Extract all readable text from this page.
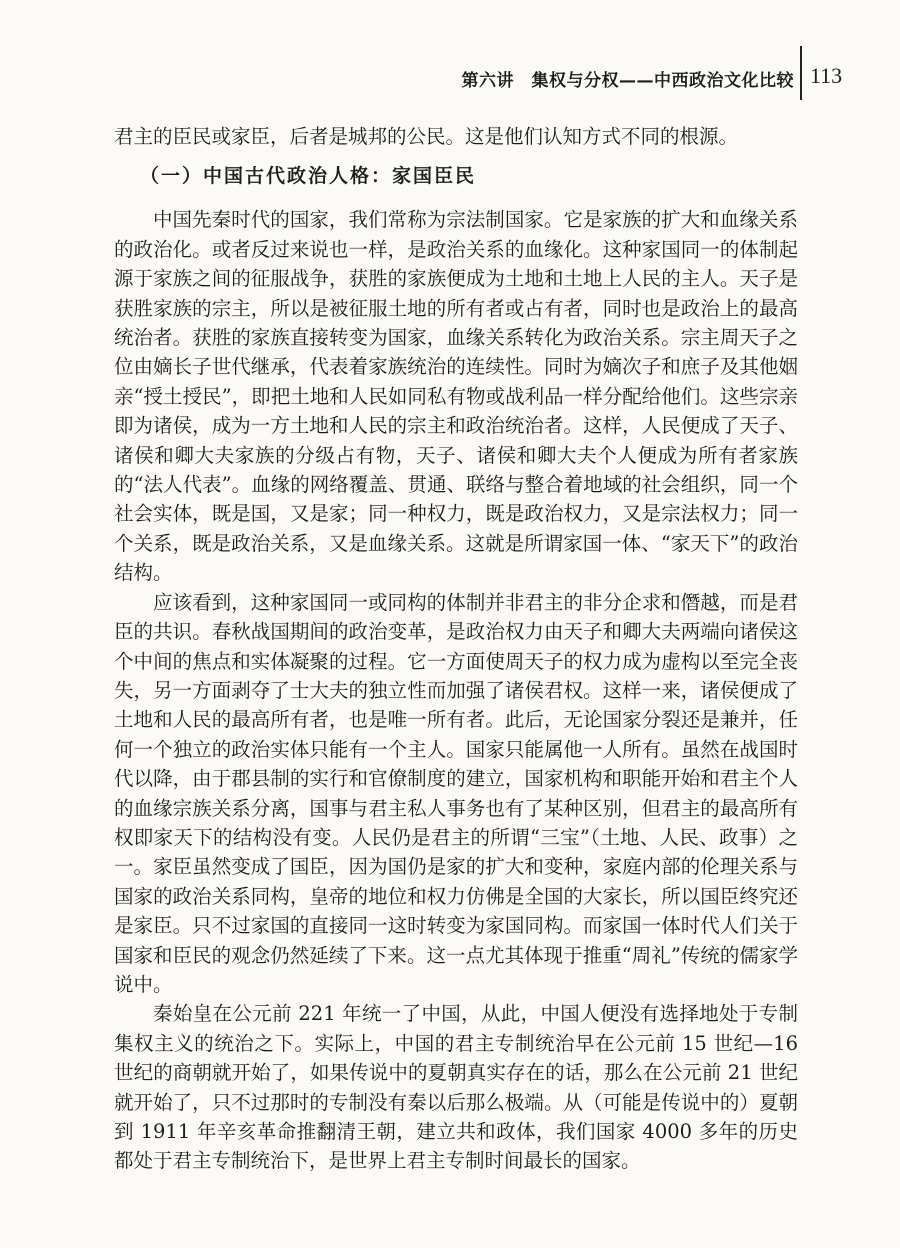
第六讲　集权与分权——中西政治文化比较 113

君主的臣民或家臣，后者是城邦的公民。这是他们认知方式不同的根源。

（一）中国古代政治人格：家国臣民

中国先秦时代的国家，我们常称为宗法制国家。它是家族的扩大和血缘关系的政治化。或者反过来说也一样，是政治关系的血缘化。这种家国同一的体制起源于家族之间的征服战争，获胜的家族便成为土地和土地上人民的主人。天子是获胜家族的宗主，所以是被征服土地的所有者或占有者，同时也是政治上的最高统治者。获胜的家族直接转变为国家，血缘关系转化为政治关系。宗主周天子之位由嫡长子世代继承，代表着家族统治的连续性。同时为嫡次子和庶子及其他姻亲“授土授民”，即把土地和人民如同私有物或战利品一样分配给他们。这些宗亲即为诸侯，成为一方土地和人民的宗主和政治统治者。这样，人民便成了天子、诸侯和卿大夫家族的分级占有物，天子、诸侯和卿大夫个人便成为所有者家族的“法人代表”。血缘的网络覆盖、贯通、联络与整合着地域的社会组织，同一个社会实体，既是国，又是家；同一种权力，既是政治权力，又是宗法权力；同一个关系，既是政治关系，又是血缘关系。这就是所谓家国一体、“家天下”的政治结构。

应该看到，这种家国同一或同构的体制并非君主的非分企求和僭越，而是君臣的共识。春秋战国期间的政治变革，是政治权力由天子和卿大夫两端向诸侯这个中间的焦点和实体凝聚的过程。它一方面使周天子的权力成为虚构以至完全丧失，另一方面剥夺了士大夫的独立性而加强了诸侯君权。这样一来，诸侯便成了土地和人民的最高所有者，也是唯一所有者。此后，无论国家分裂还是兼并，任何一个独立的政治实体只能有一个主人。国家只能属他一人所有。虽然在战国时代以降，由于郡县制的实行和官僚制度的建立，国家机构和职能开始和君主个人的血缘宗族关系分离，国事与君主私人事务也有了某种区别，但君主的最高所有权即家天下的结构没有变。人民仍是君主的所谓“三宝”（土地、人民、政事）之一。家臣虽然变成了国臣，因为国仍是家的扩大和变种，家庭内部的伦理关系与国家的政治关系同构，皇帝的地位和权力仿佛是全国的大家长，所以国臣终究还是家臣。只不过家国的直接同一这时转变为家国同构。而家国一体时代人们关于国家和臣民的观念仍然延续了下来。这一点尤其体现于推重“周礼”传统的儒家学说中。

秦始皇在公元前 221 年统一了中国，从此，中国人便没有选择地处于专制集权主义的统治之下。实际上，中国的君主专制统治早在公元前 15 世纪—16 世纪的商朝就开始了，如果传说中的夏朝真实存在的话，那么在公元前 21 世纪就开始了，只不过那时的专制没有秦以后那么极端。从（可能是传说中的）夏朝到 1911 年辛亥革命推翻清王朝，建立共和政体，我们国家 4000 多年的历史都处于君主专制统治下，是世界上君主专制时间最长的国家。
